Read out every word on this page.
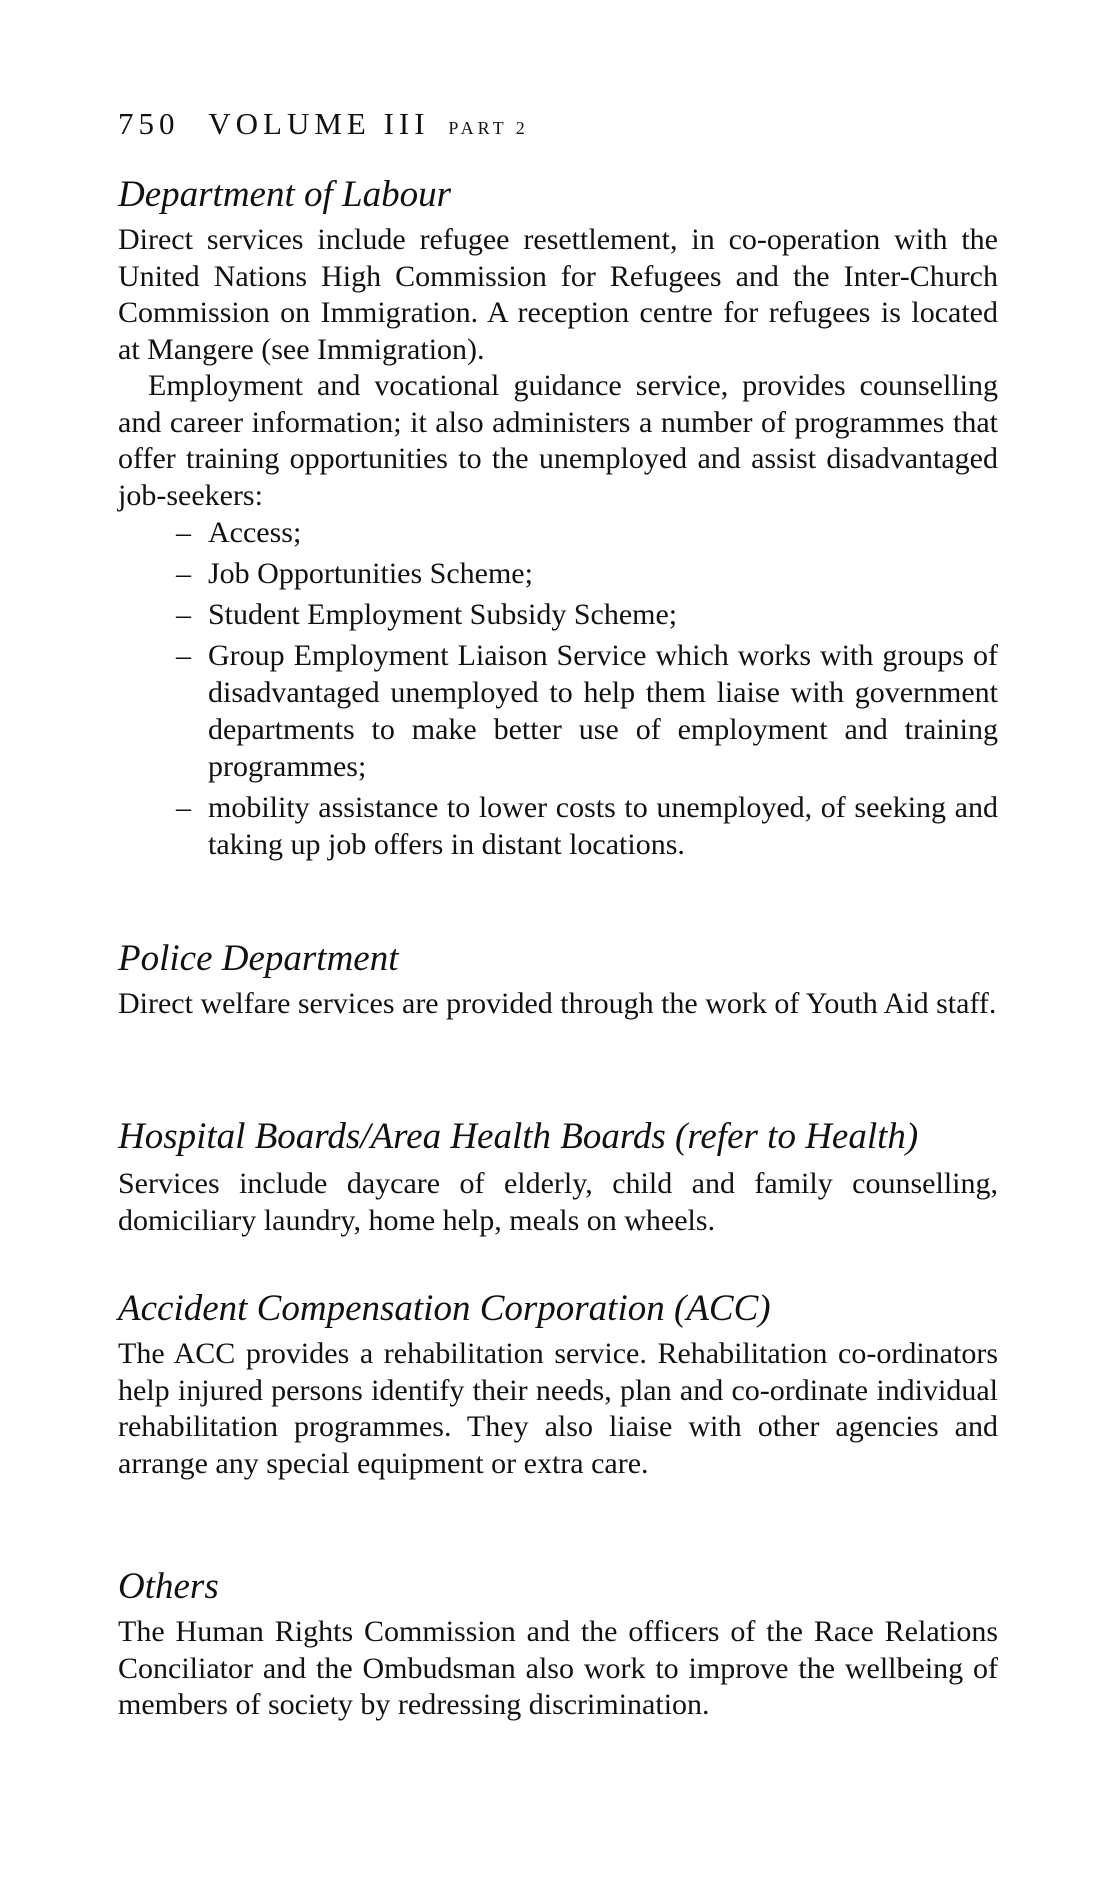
750 VOLUME III PART 2
Department of Labour

Direct services include refugee resettlement, in co-operation with the United Nations High Commission for Refugees and the Inter-Church Commission on Immigration. A reception centre for refugees is located at Mangere (see Immigration).

Employment and vocational guidance service, provides counselling and career information; it also administers a number of programmes that offer training opportunities to the unemployed and assist disadvantaged job-seekers:

– Access;
– Job Opportunities Scheme;
– Student Employment Subsidy Scheme;
– Group Employment Liaison Service which works with groups of disadvantaged unemployed to help them liaise with government departments to make better use of employment and training programmes;
– mobility assistance to lower costs to unemployed, of seeking and taking up job offers in distant locations.
Police Department

Direct welfare services are provided through the work of Youth Aid staff.

Hospital Boards/Area Health Boards (refer to Health)

Services include daycare of elderly, child and family counselling, domiciliary laundry, home help, meals on wheels.

Accident Compensation Corporation (ACC)

The ACC provides a rehabilitation service. Rehabilitation co-ordinators help injured persons identify their needs, plan and co-ordinate individual rehabilitation programmes. They also liaise with other agencies and arrange any special equipment or extra care.

Others

The Human Rights Commission and the officers of the Race Relations Conciliator and the Ombudsman also work to improve the wellbeing of members of society by redressing discrimination.
